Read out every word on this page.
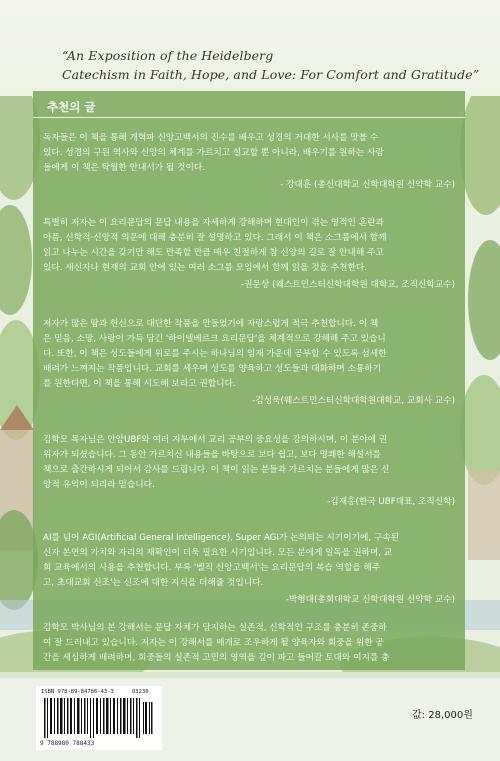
“An Exposition of the Heidelberg
Catechism in Faith, Hope, and Love: For Comfort and Gratitude”
추천의 글
독자들은 이 책을 통해 개혁파 신앙고백서의 진수를 배우고 성경의 거대한 서사를 맛볼 수
있다. 성경의 구원 역사와 신앙의 체계를 가르치고 설교할 뿐 아니라, 배우기를 원하는 사람
들에게 이 책은 탁월한 안내서가 될 것이다.
- 강대훈 (총신대학교 신학대학원 신약학 교수)
특별히 저자는 이 요리문답의 문답 내용을 자세하게 강해하며 현대인이 겪는 영적인 혼란과
아픔, 신학적·신앙적 의문에 대해 충분히 잘 설명하고 있다. 그래서 이 책은 소그룹에서 함께
읽고 나누는 시간을 갖기만 해도 만족할 만큼 매우 친절하게 참 신앙의 길로 잘 안내해 주고
있다. 새신자나 현재의 교회 안에 있는 여러 소그룹 모임에서 함께 읽을 것을 추천한다.
-권문상 (웨스트민스터신학대학원 대학교, 조직신학교수)
저자가 많은 땀과 헌신으로 대단한 작품을 만들었기에 자랑스럽게 적극 추천합니다. 이 책
은 믿음, 소망, 사랑이 가득 담긴 '하이델베르크 요리문답'을 체계적으로 강해해 주고 있습니
다. 또한, 이 책은 성도들에게 위로를 주시는 하나님의 임재 가운데 공부할 수 있도록 섬세한
배려가 느껴지는 작품입니다. 교회를 세우며 성도를 양육하고 성도들과 대화하며 소통하기
를 원한다면, 이 책을 통해 시도해 보라고 권합니다.
-김성욱(웨스트민스터신학대학원대학교, 교회사 교수)
김학모 목자님은 안암UBF와 여러 지부에서 교리 공부의 중요성을 강의하시며, 이 분야에 권
위자가 되셨습니다. 그 동안 가르치신 내용들을 바탕으로 보다 쉽고, 보다 명쾌한 해설서를
책으로 출간하시게 되어서 감사를 드립니다. 이 책이 읽는 분들과 가르치는 분들에게 많은 신
앙적 유익이 되리라 믿습니다.
-김재홍(한국 UBF대표, 조직신학)
AI를 넘어 AGI(Artificial General Intelligence), Super AGI가 논의되는 시기이기에, 구속된
신자 본연의 가치와 자리의 재확인이 더욱 필요한 시기입니다. 모든 분에게 일독을 권하며, 교
회 교육에서의 사용을 추천합니다. 부록 '벨직 신앙고백서'는 요리문답의 복습 역할을 해주
고, 초대교회 신조'는 신조에 대한 지식을 더해줄 것입니다.
-박형대(총회대학교 신학대학원 신약학 교수)
김학모 박사님의 본 강해서는 문답 자체가 담지하는 실존적, 신학적인 구조를 충분히 존중하
여 잘 드러내고 있습니다. 저자는 이 강해서를 매개로 조우하게 될 양육자와 회중을 위한 공
간을 세심하게 배려하며, 회중들의 실존적 고민의 영역을 깊이 파고 들어갈 토대와 여지를 충
ISBN 978-89-84786-43-3	03230
9 788980 788433
값: 28,000원
